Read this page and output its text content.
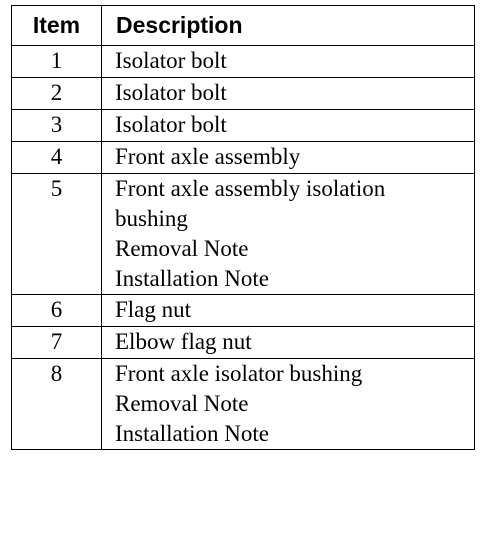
Item	Description
1	Isolator bolt

2	Isolator bolt

3	Isolator bolt

4	Front axle assembly

5	Front axle assembly isolation
bushing
Removal Note
Installation Note

6	Flag nut

7	Elbow flag nut

8	Front axle isolator bushing
Removal Note
Installation Note
